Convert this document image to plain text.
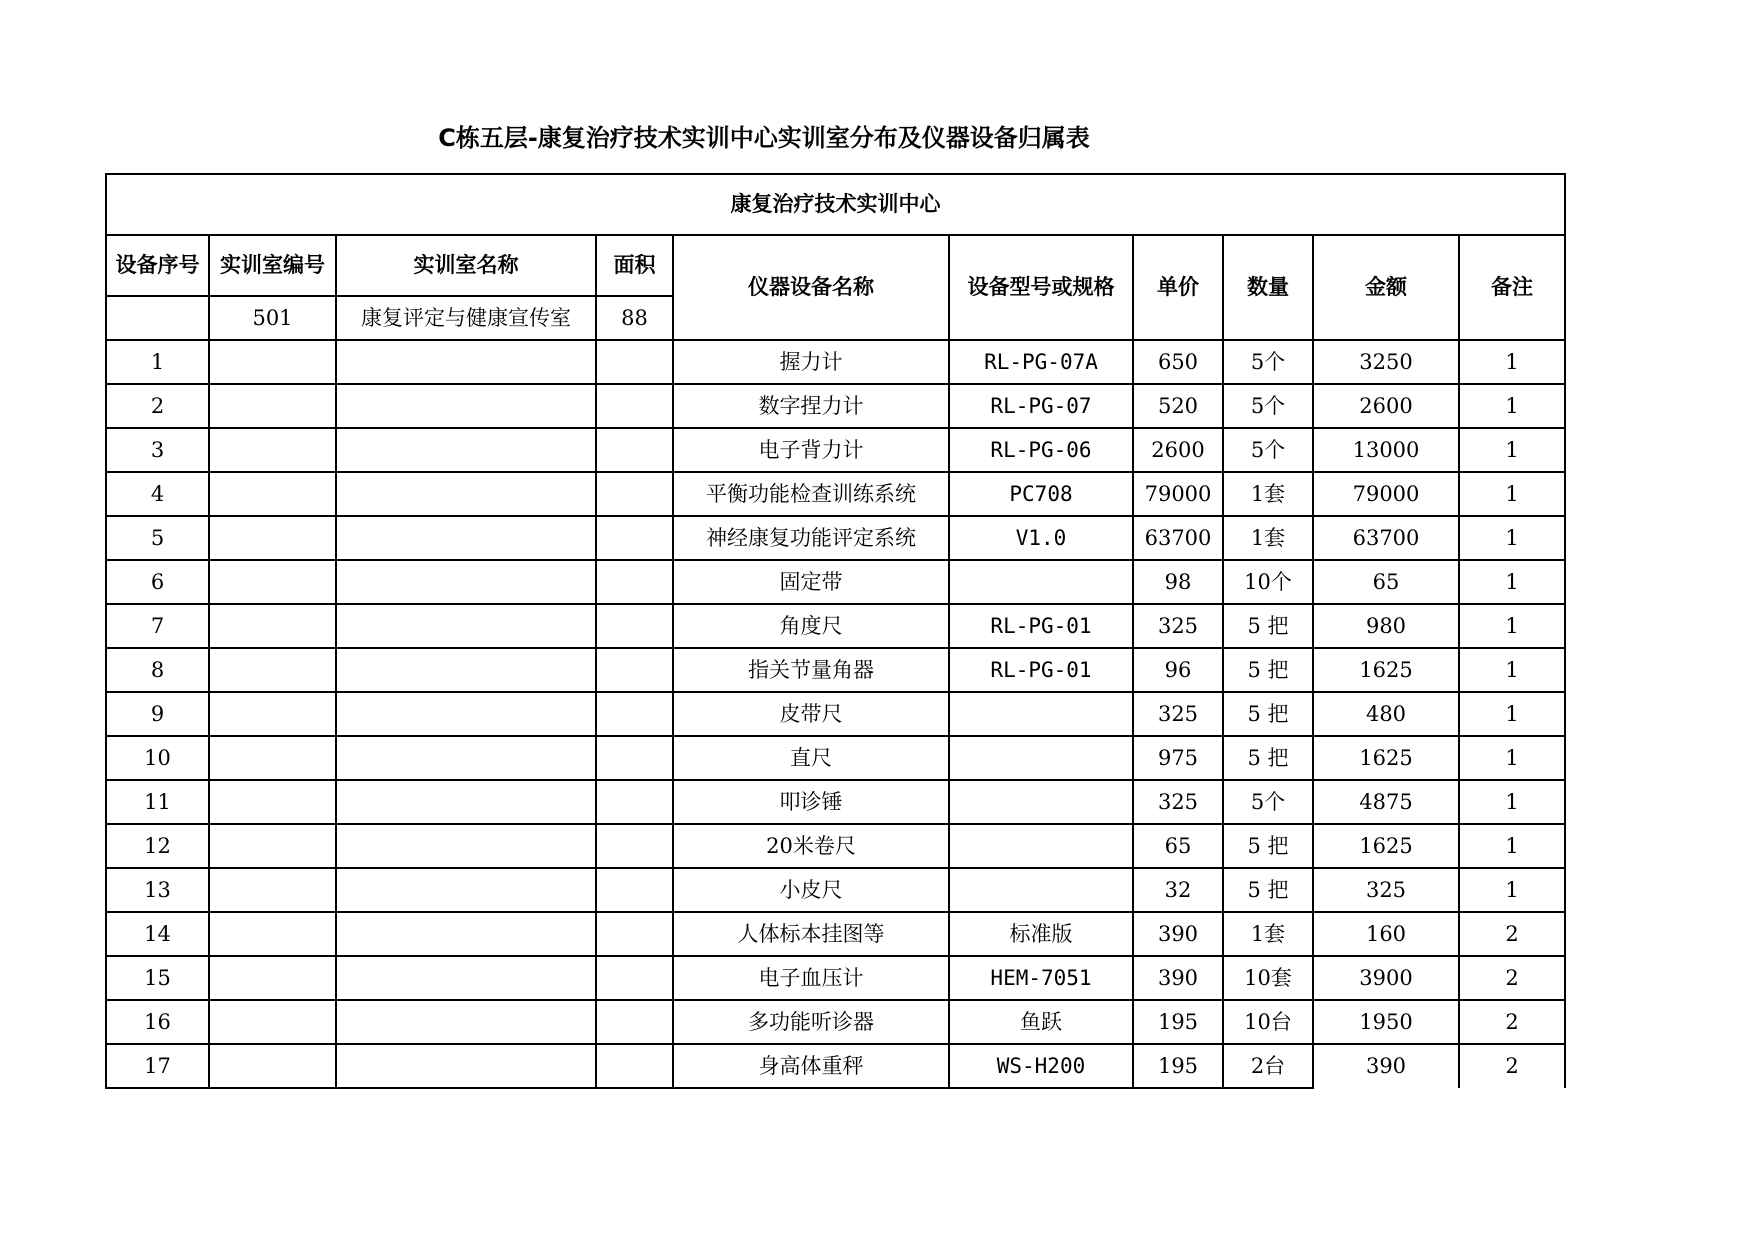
C栋五层-康复治疗技术实训中心实训室分布及仪器设备归属表
康复治疗技术实训中心									
设备序号	实训室编号	实训室名称	面积	仪器设备名称	设备型号或规格	单价	数量	金额	备注
	501	康复评定与健康宣传室	88						
1				握力计	RL-PG-07A	650	5个	3250	1
2				数字捏力计	RL-PG-07	520	5个	2600	1
3				电子背力计	RL-PG-06	2600	5个	13000	1
4				平衡功能检查训练系统	PC708	79000	1套	79000	1
5				神经康复功能评定系统	V1.0	63700	1套	63700	1
6				固定带		98	10个	65	1
7				角度尺	RL-PG-01	325	5 把	980	1
8				指关节量角器	RL-PG-01	96	5 把	1625	1
9				皮带尺		325	5 把	480	1
10				直尺		975	5 把	1625	1
11				叩诊锤		325	5个	4875	1
12				20米卷尺		65	5 把	1625	1
13				小皮尺		32	5 把	325	1
14				人体标本挂图等	标准版	390	1套	160	2
15				电子血压计	HEM-7051	390	10套	3900	2
16				多功能听诊器	鱼跃	195	10台	1950	2
17				身高体重秤	WS-H200	195	2台	390	2
